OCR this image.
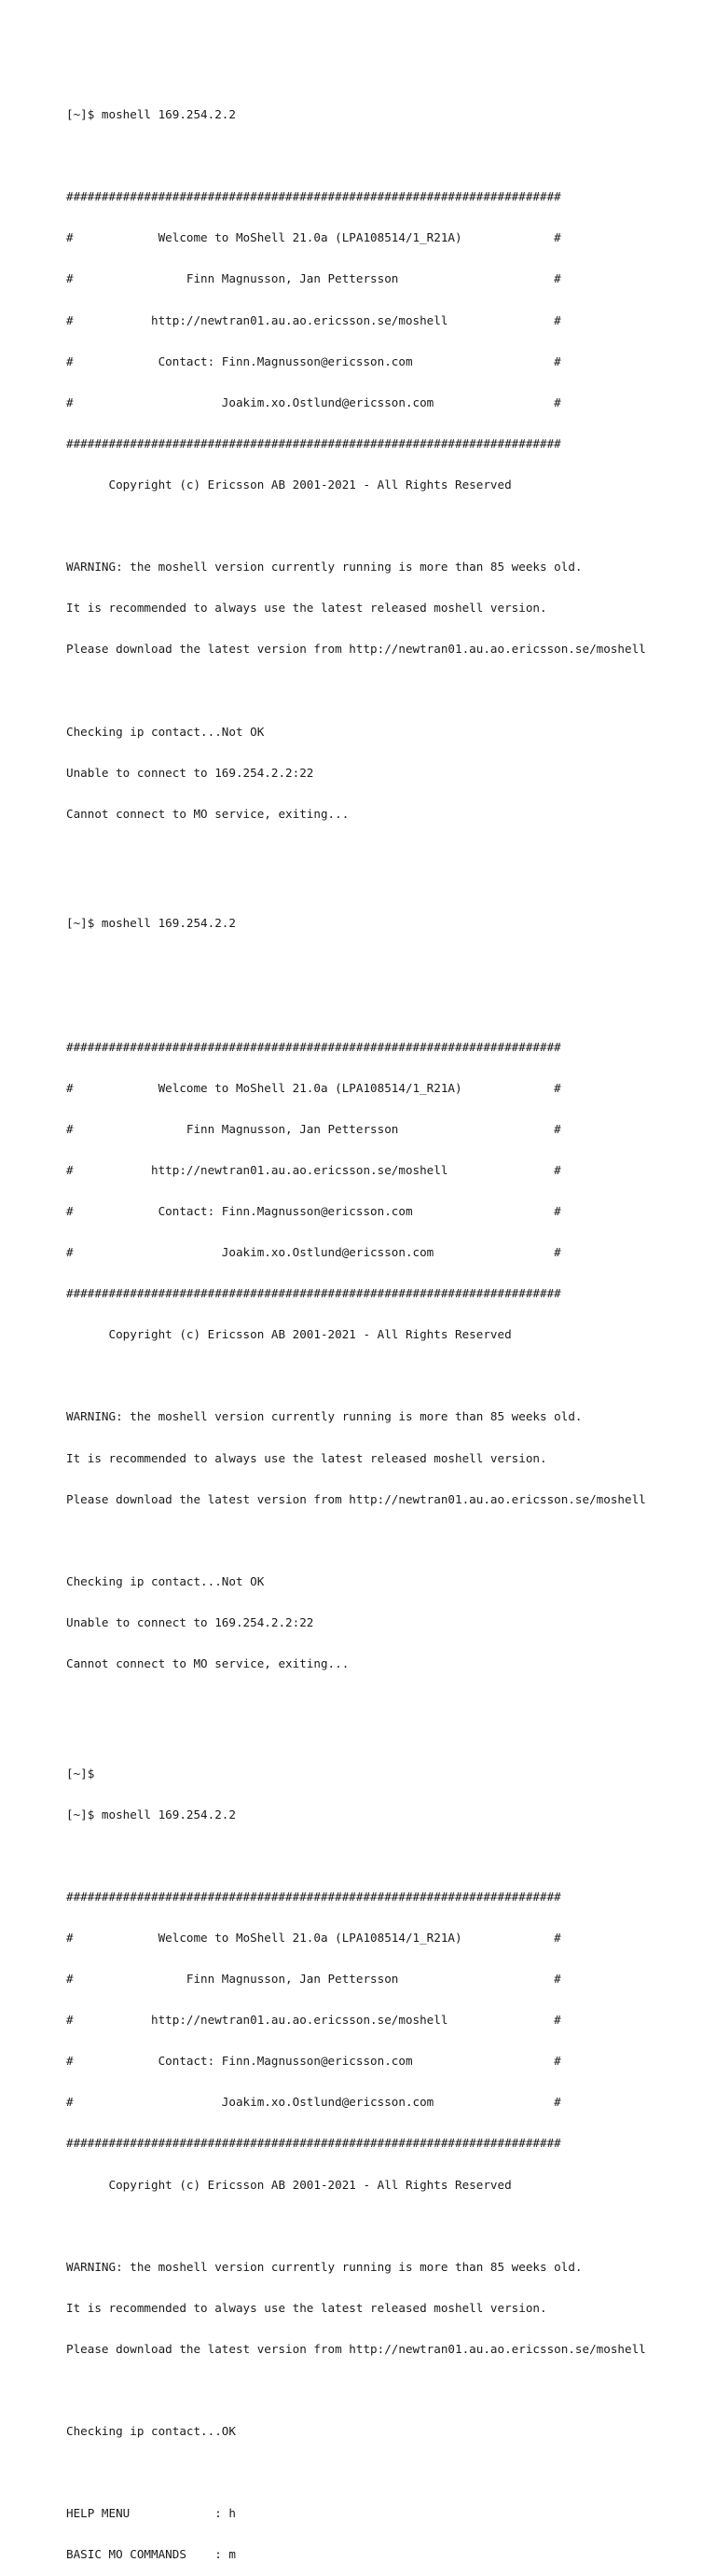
[~]$ moshell 169.254.2.2

######################################################################

#            Welcome to MoShell 21.0a (LPA108514/1_R21A)             #

#                Finn Magnusson, Jan Pettersson                      #

#           http://newtran01.au.ao.ericsson.se/moshell               #

#            Contact: Finn.Magnusson@ericsson.com                    #

#                     Joakim.xo.Ostlund@ericsson.com                 #

######################################################################

Copyright (c) Ericsson AB 2001-2021 - All Rights Reserved

WARNING: the moshell version currently running is more than 85 weeks old.

It is recommended to always use the latest released moshell version.

Please download the latest version from http://newtran01.au.ao.ericsson.se/moshell

Checking ip contact...Not OK

Unable to connect to 169.254.2.2:22

Cannot connect to MO service, exiting...

[~]$ moshell 169.254.2.2

######################################################################

#            Welcome to MoShell 21.0a (LPA108514/1_R21A)             #

#                Finn Magnusson, Jan Pettersson                      #

#           http://newtran01.au.ao.ericsson.se/moshell               #

#            Contact: Finn.Magnusson@ericsson.com                    #

#                     Joakim.xo.Ostlund@ericsson.com                 #

######################################################################

Copyright (c) Ericsson AB 2001-2021 - All Rights Reserved

WARNING: the moshell version currently running is more than 85 weeks old.

It is recommended to always use the latest released moshell version.

Please download the latest version from http://newtran01.au.ao.ericsson.se/moshell

Checking ip contact...Not OK

Unable to connect to 169.254.2.2:22

Cannot connect to MO service, exiting...

[~]$

[~]$ moshell 169.254.2.2

######################################################################

#            Welcome to MoShell 21.0a (LPA108514/1_R21A)             #

#                Finn Magnusson, Jan Pettersson                      #

#           http://newtran01.au.ao.ericsson.se/moshell               #

#            Contact: Finn.Magnusson@ericsson.com                    #

#                     Joakim.xo.Ostlund@ericsson.com                 #

######################################################################

Copyright (c) Ericsson AB 2001-2021 - All Rights Reserved

WARNING: the moshell version currently running is more than 85 weeks old.

It is recommended to always use the latest released moshell version.

Please download the latest version from http://newtran01.au.ao.ericsson.se/moshell

Checking ip contact...OK

HELP MENU            : h

BASIC MO COMMANDS    : m
